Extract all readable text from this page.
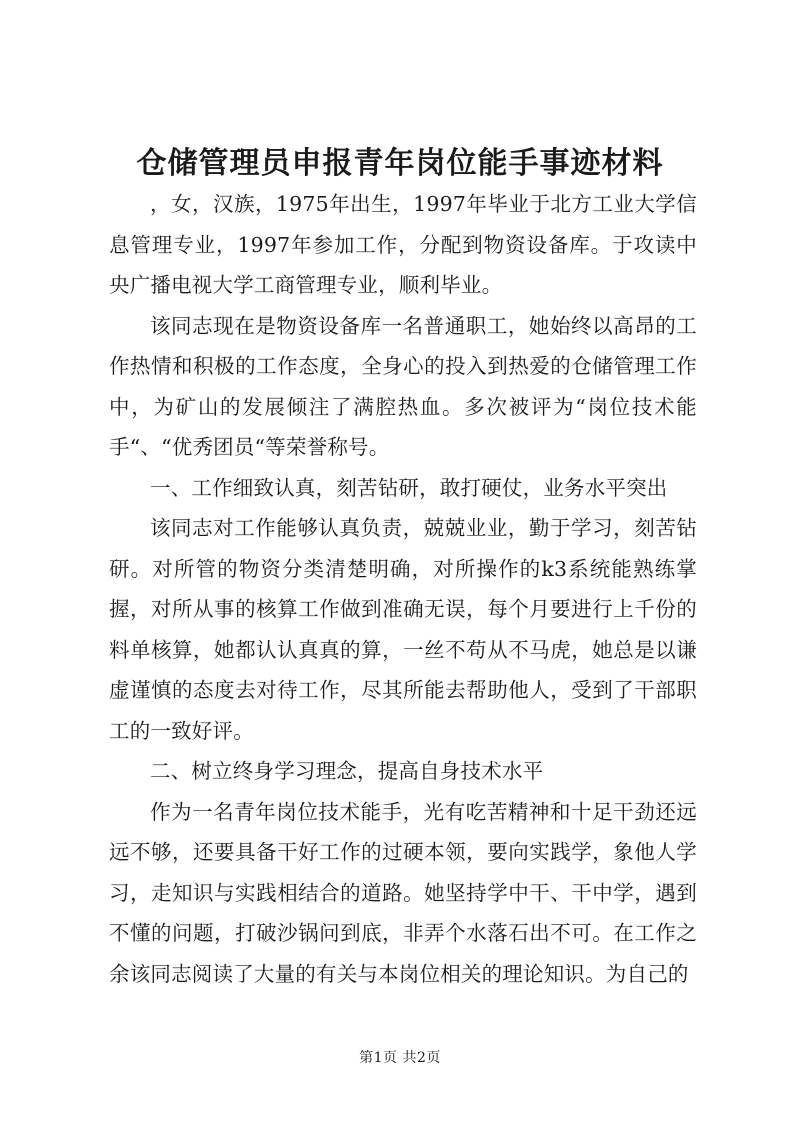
仓储管理员申报青年岗位能手事迹材料

，女，汉族，1975年出生，1997年毕业于北方工业大学信息管理专业，1997年参加工作，分配到物资设备库。于攻读中央广播电视大学工商管理专业，顺利毕业。

该同志现在是物资设备库一名普通职工，她始终以高昂的工作热情和积极的工作态度，全身心的投入到热爱的仓储管理工作中，为矿山的发展倾注了满腔热血。多次被评为“岗位技术能手“、“优秀团员“等荣誉称号。

一、工作细致认真，刻苦钻研，敢打硬仗，业务水平突出

该同志对工作能够认真负责，兢兢业业，勤于学习，刻苦钻研。对所管的物资分类清楚明确，对所操作的k3系统能熟练掌握，对所从事的核算工作做到准确无误，每个月要进行上千份的料单核算，她都认认真真的算，一丝不苟从不马虎，她总是以谦虚谨慎的态度去对待工作，尽其所能去帮助他人，受到了干部职工的一致好评。

二、树立终身学习理念，提高自身技术水平

作为一名青年岗位技术能手，光有吃苦精神和十足干劲还远远不够，还要具备干好工作的过硬本领，要向实践学，象他人学习，走知识与实践相结合的道路。她坚持学中干、干中学，遇到不懂的问题，打破沙锅问到底，非弄个水落石出不可。在工作之余该同志阅读了大量的有关与本岗位相关的理论知识。为自己的

第1页 共2页
